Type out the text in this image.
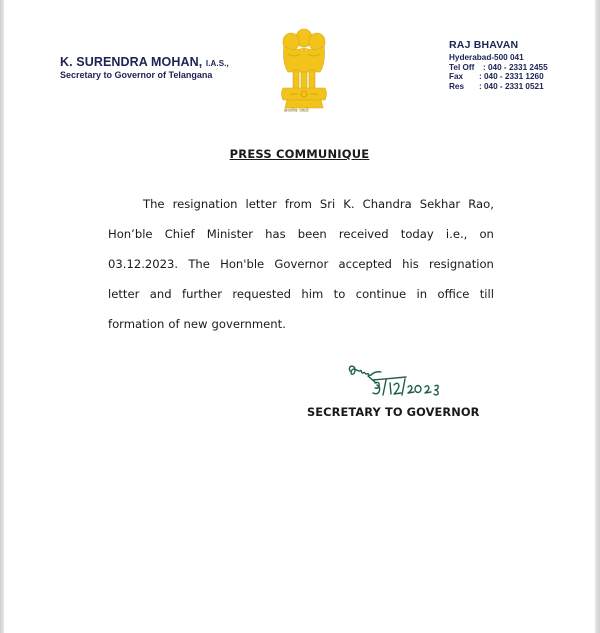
K. SURENDRA MOHAN, I.A.S.,
Secretary to Governor of Telangana
सत्यमेव जयते
RAJ BHAVAN
Hyderabad-500 041
Tel Off	: 040 - 2331 2455
Fax	: 040 - 2331 1260
Res	: 040 - 2331 0521
PRESS COMMUNIQUE
The resignation letter from Sri K. Chandra Sekhar Rao,
Hon’ble Chief Minister has been received today i.e., on
03.12.2023. The Hon'ble Governor accepted his resignation
letter and further requested him to continue in office till
formation of new government.
SECRETARY TO GOVERNOR
